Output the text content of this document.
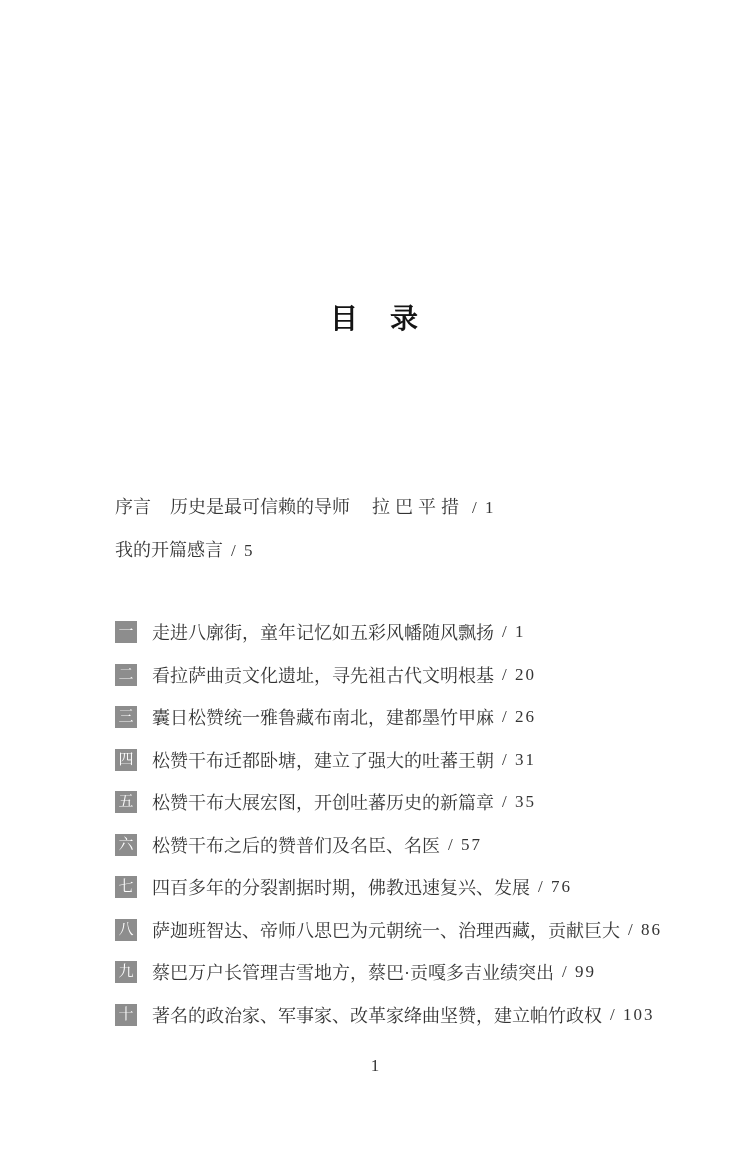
目　录
序言 历史是最可信赖的导师 拉巴平措 / 1
我的开篇感言 / 5
一 走进八廓街，童年记忆如五彩风幡随风飘扬 / 1
二 看拉萨曲贡文化遗址，寻先祖古代文明根基 / 20
三 囊日松赞统一雅鲁藏布南北，建都墨竹甲麻 / 26
四 松赞干布迁都卧塘，建立了强大的吐蕃王朝 / 31
五 松赞干布大展宏图，开创吐蕃历史的新篇章 / 35
六 松赞干布之后的赞普们及名臣、名医 / 57
七 四百多年的分裂割据时期，佛教迅速复兴、发展 / 76
八 萨迦班智达、帝师八思巴为元朝统一、治理西藏，贡献巨大 / 86
九 蔡巴万户长管理吉雪地方，蔡巴·贡嘎多吉业绩突出 / 99
十 著名的政治家、军事家、改革家绛曲坚赞，建立帕竹政权 / 103
1
